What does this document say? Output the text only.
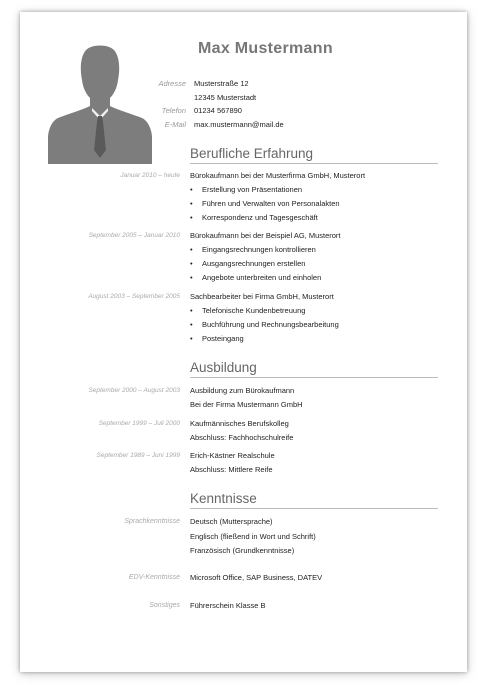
Max Mustermann
Adresse Musterstraße 12
12345 Musterstadt
Telefon 01234 567890
E-Mail max.mustermann@mail.de
Berufliche Erfahrung
Januar 2010 – heute Bürokaufmann bei der Musterfirma GmbH, Musterort
• Erstellung von Präsentationen
• Führen und Verwalten von Personalakten
• Korrespondenz und Tagesgeschäft
September 2005 – Januar 2010 Bürokaufmann bei der Beispiel AG, Musterort
• Eingangsrechnungen kontrollieren
• Ausgangsrechnungen erstellen
• Angebote unterbreiten und einholen
August 2003 – September 2005 Sachbearbeiter bei Firma GmbH, Musterort
• Telefonische Kundenbetreuung
• Buchführung und Rechnungsbearbeitung
• Posteingang
Ausbildung
September 2000 – August 2003 Ausbildung zum Bürokaufmann
Bei der Firma Mustermann GmbH
September 1999 – Juli 2000 Kaufmännisches Berufskolleg
Abschluss: Fachhochschulreife
September 1989 – Juni 1999 Erich-Kästner Realschule
Abschluss: Mittlere Reife
Kenntnisse
Sprachkenntnisse Deutsch (Muttersprache)
Englisch (fließend in Wort und Schrift)
Französisch (Grundkenntnisse)
EDV-Kenntnisse Microsoft Office, SAP Business, DATEV
Sonstiges Führerschein Klasse B
